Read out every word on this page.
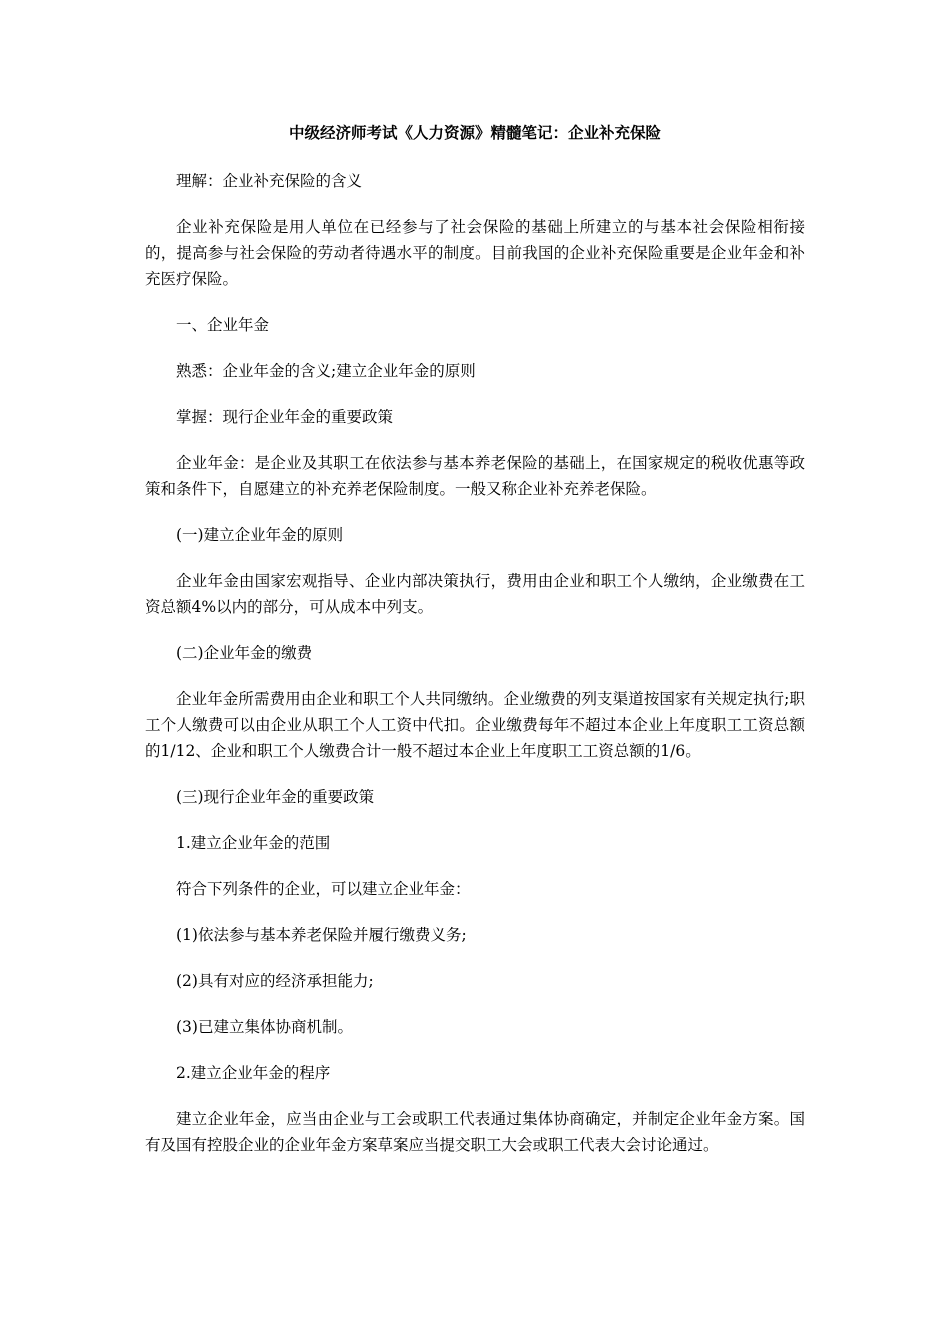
中级经济师考试《人力资源》精髓笔记：企业补充保险

理解：企业补充保险的含义

企业补充保险是用人单位在已经参与了社会保险的基础上所建立的与基本社会保险相衔接的，提高参与社会保险的劳动者待遇水平的制度。目前我国的企业补充保险重要是企业年金和补充医疗保险。

一、企业年金

熟悉：企业年金的含义;建立企业年金的原则

掌握：现行企业年金的重要政策

企业年金：是企业及其职工在依法参与基本养老保险的基础上，在国家规定的税收优惠等政策和条件下，自愿建立的补充养老保险制度。一般又称企业补充养老保险。

(一)建立企业年金的原则

企业年金由国家宏观指导、企业内部决策执行，费用由企业和职工个人缴纳，企业缴费在工资总额4%以内的部分，可从成本中列支。

(二)企业年金的缴费

企业年金所需费用由企业和职工个人共同缴纳。企业缴费的列支渠道按国家有关规定执行;职工个人缴费可以由企业从职工个人工资中代扣。企业缴费每年不超过本企业上年度职工工资总额的1/12、企业和职工个人缴费合计一般不超过本企业上年度职工工资总额的1/6。

(三)现行企业年金的重要政策

1.建立企业年金的范围

符合下列条件的企业，可以建立企业年金：

(1)依法参与基本养老保险并履行缴费义务;

(2)具有对应的经济承担能力;

(3)已建立集体协商机制。

2.建立企业年金的程序

建立企业年金，应当由企业与工会或职工代表通过集体协商确定，并制定企业年金方案。国有及国有控股企业的企业年金方案草案应当提交职工大会或职工代表大会讨论通过。
